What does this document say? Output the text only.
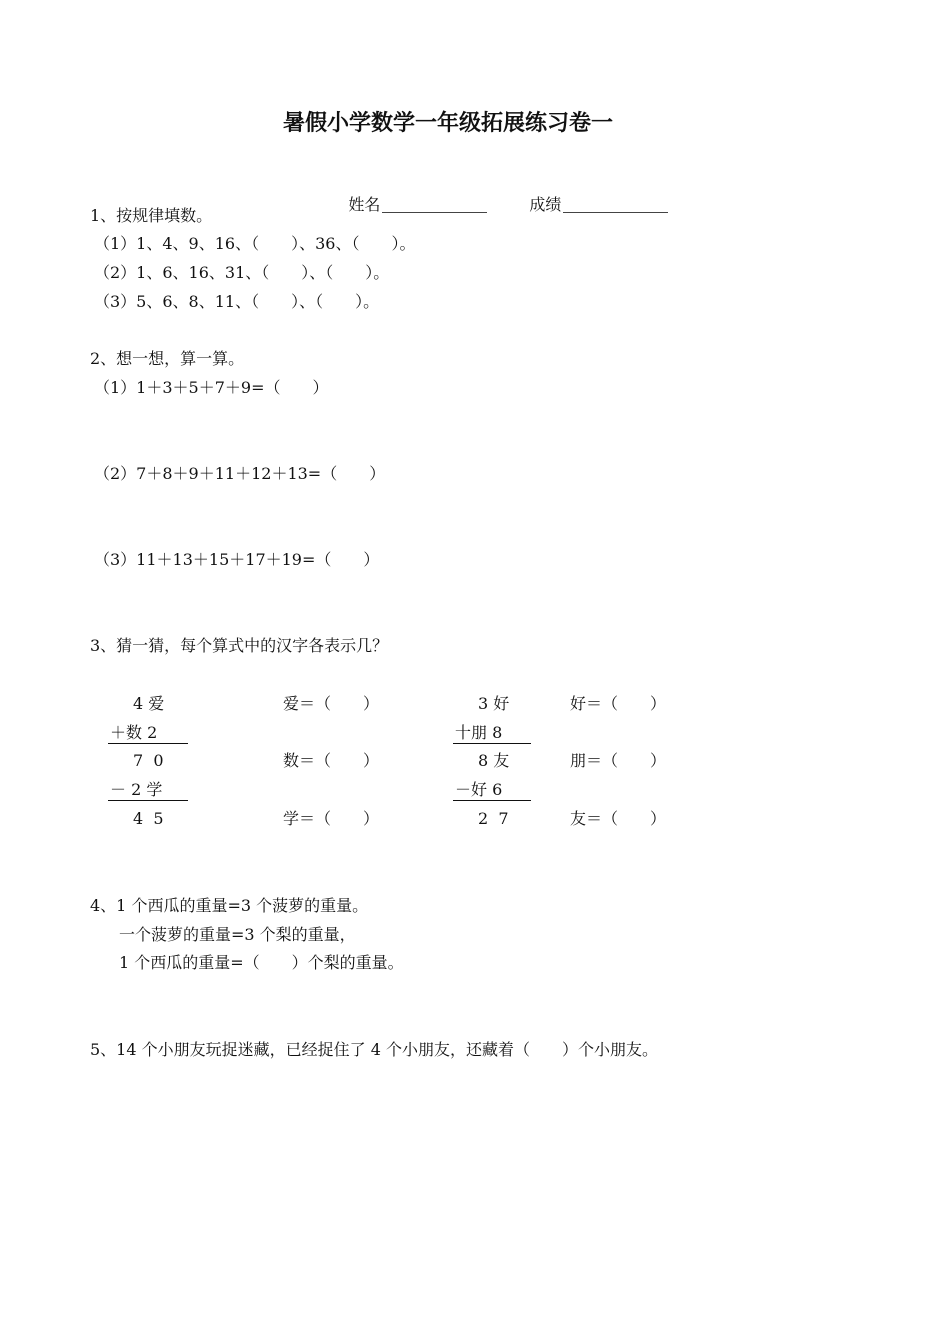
暑假小学数学一年级拓展练习卷一

姓名
	成绩

1、按规律填数。
（1）1、4、9、16、（　　）、36、（　　）。
（2）1、6、16、31、（　　）、（　　）。
（3）5、6、8、11、（　　）、（　　）。
2、想一想，算一算。
（1）1＋3＋5＋7＋9=（　　）
（2）7＋8＋9＋11＋12＋13=（　　）
（3）11＋13＋15＋17＋19=（　　）
3、猜一猜，每个算式中的汉字各表示几？
4 爱
＋数 2
7  0
－ 2 学
4  5
爱＝（　　）
数＝（　　）
学＝（　　）
3 好
十朋 8
8 友
－好 6
2  7
好＝（　　）
朋＝（　　）
友＝（　　）
4、1 个西瓜的重量=3 个菠萝的重量。
一个菠萝的重量=3 个梨的重量，
1 个西瓜的重量=（　　）个梨的重量。
5、14 个小朋友玩捉迷藏，已经捉住了 4 个小朋友，还藏着（　　）个小朋友。
